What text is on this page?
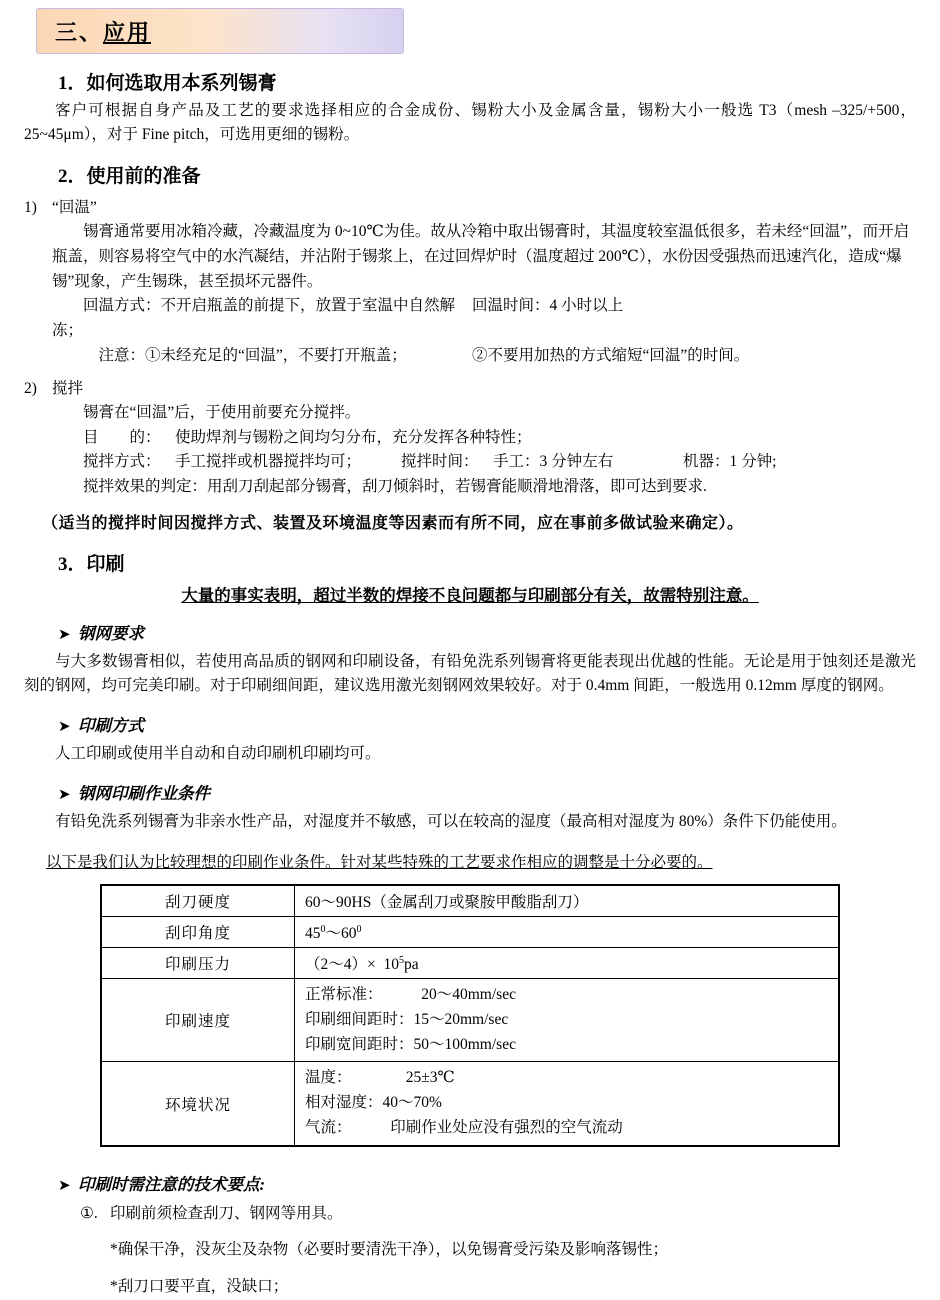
三、应用
1．如何选取用本系列锡膏

客户可根据自身产品及工艺的要求选择相应的合金成份、锡粉大小及金属含量，锡粉大小一般选 T3（mesh –325/+500，25~45μm），对于 Fine pitch，可选用更细的锡粉。

2．使用前的准备
1) “回温”
锡膏通常要用冰箱冷藏，冷藏温度为 0~10℃为佳。故从冷箱中取出锡膏时，其温度较室温低很多，若未经“回温”，而开启瓶盖，则容易将空气中的水汽凝结，并沾附于锡浆上，在过回焊炉时（温度超过 200℃），水份因受强热而迅速汽化，造成“爆锡”现象，产生锡珠，甚至损坏元器件。
回温方式：不开启瓶盖的前提下，放置于室温中自然解冻；
回温时间：4 小时以上
注意：①未经充足的“回温”，不要打开瓶盖；	②不要用加热的方式缩短“回温”的时间。
2) 搅拌
锡膏在“回温”后，于使用前要充分搅拌。
目　　的： 使助焊剂与锡粉之间均匀分布，充分发挥各种特性；
搅拌方式： 手工搅拌或机器搅拌均可；	搅拌时间： 手工：3 分钟左右	机器：1 分钟;
搅拌效果的判定：用刮刀刮起部分锡膏，刮刀倾斜时，若锡膏能顺滑地滑落，即可达到要求.
（适当的搅拌时间因搅拌方式、装置及环境温度等因素而有所不同，应在事前多做试验来确定）。
3．印刷
大量的事实表明，超过半数的焊接不良问题都与印刷部分有关，故需特别注意。
➤ 钢网要求

与大多数锡膏相似，若使用高品质的钢网和印刷设备，有铅免洗系列锡膏将更能表现出优越的性能。无论是用于蚀刻还是激光刻的钢网，均可完美印刷。对于印刷细间距，建议选用激光刻钢网效果较好。对于 0.4mm 间距，一般选用 0.12mm 厚度的钢网。

➤ 印刷方式

人工印刷或使用半自动和自动印刷机印刷均可。

➤ 钢网印刷作业条件

有铅免洗系列锡膏为非亲水性产品，对湿度并不敏感，可以在较高的湿度（最高相对湿度为 80%）条件下仍能使用。

以下是我们认为比较理想的印刷作业条件。针对某些特殊的工艺要求作相应的调整是十分必要的。
刮刀硬度	60～90HS（金属刮刀或聚胺甲酸脂刮刀）

刮印角度	$45^0\sim 60^0$

印刷压力	（2～4）×  $10^5pa$

印刷速度	正常标准：　　　20～40mm/sec
印刷细间距时：15～20mm/sec
印刷宽间距时：50～100mm/sec

环境状况	温度：　　　　25±3℃
相对湿度：40～70%
气流：　　　印刷作业处应没有强烈的空气流动
➤ 印刷时需注意的技术要点:
①. 印刷前须检查刮刀、钢网等用具。
*确保干净，没灰尘及杂物（必要时要清洗干净），以免锡膏受污染及影响落锡性；
*刮刀口要平直，没缺口；
